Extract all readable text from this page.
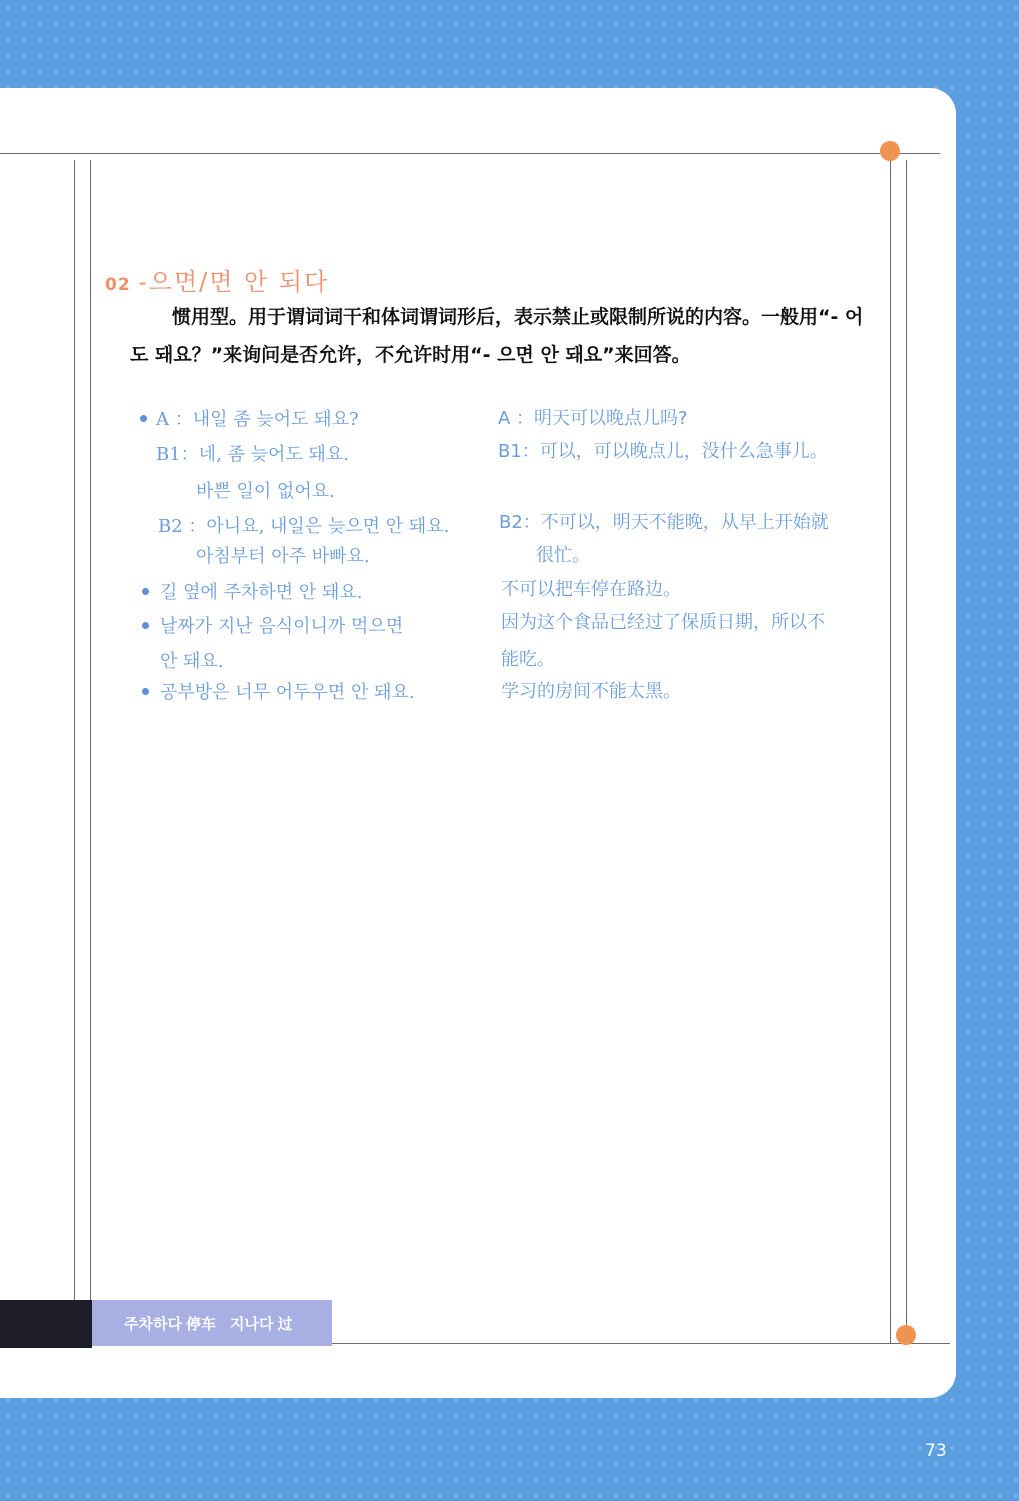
02 -으면/면 안 되다

惯用型。用于谓词词干和体词谓词形后，表示禁止或限制所说的内容。一般用“- 어도 돼요？”来询问是否允许，不允许时用“- 으면 안 돼요”来回答。

A ：내일 좀 늦어도 돼요?
B1：네, 좀 늦어도 돼요.
바쁜 일이 없어요.
B2 ：아니요, 내일은 늦으면 안 돼요.
아침부터 아주 바빠요.
길 옆에 주차하면 안 돼요.
날짜가 지난 음식이니까 먹으면
안 돼요.
공부방은 너무 어두우면 안 돼요.
A ：明天可以晚点儿吗?
B1：可以，可以晚点儿，没什么急事儿。
B2：不可以，明天不能晚，从早上开始就
很忙。
不可以把车停在路边。
因为这个食品已经过了保质日期，所以不
能吃。
学习的房间不能太黑。
주차하다 停车 지나다 过
73
